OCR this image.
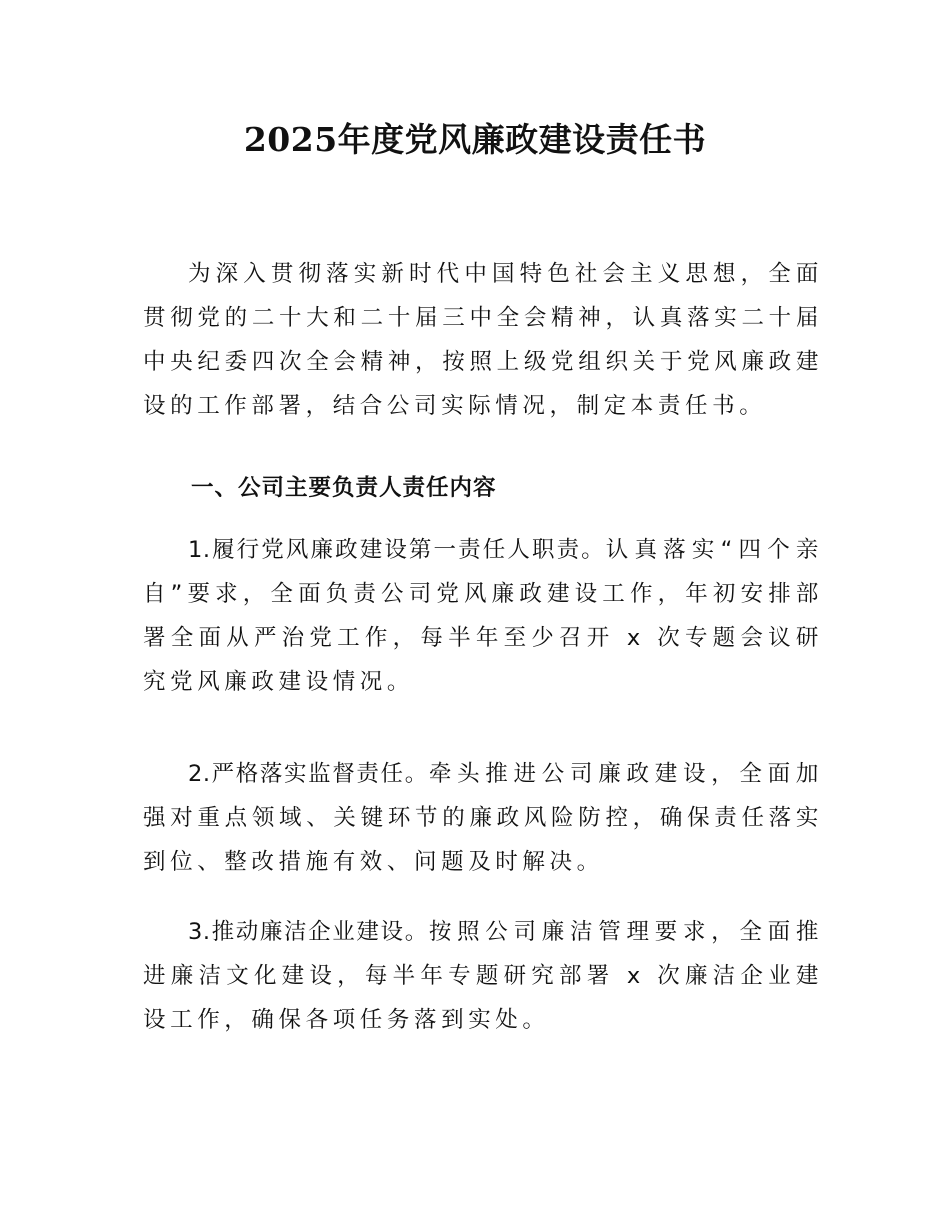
2025年度党风廉政建设责任书

为深入贯彻落实新时代中国特色社会主义思想，全面贯彻党的二十大和二十届三中全会精神，认真落实二十届中央纪委四次全会精神，按照上级党组织关于党风廉政建设的工作部署，结合公司实际情况，制定本责任书。

一、公司主要负责人责任内容

1.履行党风廉政建设第一责任人职责。认真落实“四个亲自”要求，全面负责公司党风廉政建设工作，年初安排部署全面从严治党工作，每半年至少召开 x 次专题会议研究党风廉政建设情况。

2.严格落实监督责任。牵头推进公司廉政建设，全面加强对重点领域、关键环节的廉政风险防控，确保责任落实到位、整改措施有效、问题及时解决。

3.推动廉洁企业建设。按照公司廉洁管理要求，全面推进廉洁文化建设，每半年专题研究部署 x 次廉洁企业建设工作，确保各项任务落到实处。
